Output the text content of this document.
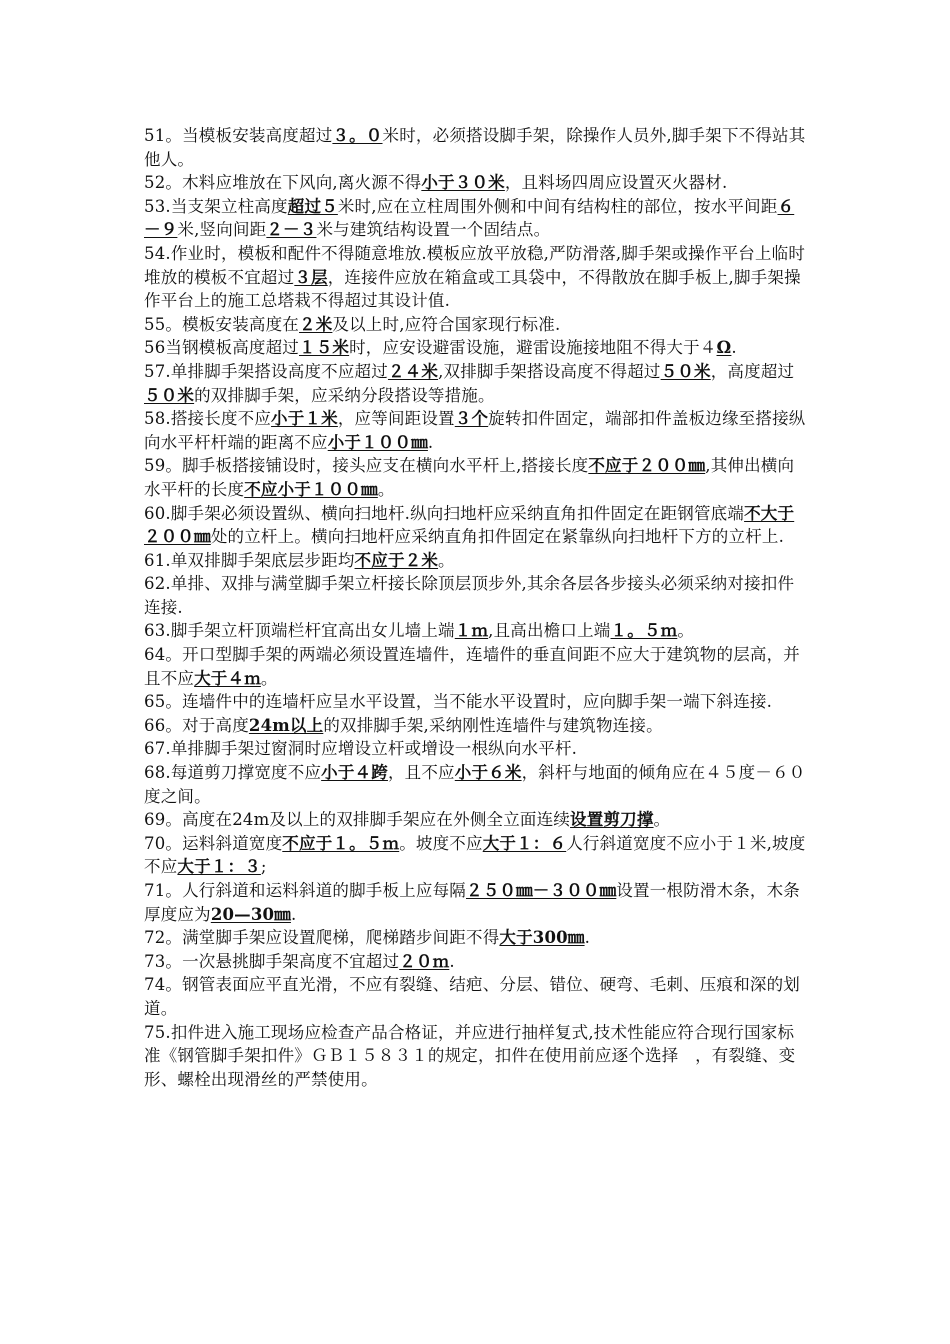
51。当模板安装高度超过３。０米时，必须搭设脚手架，除操作人员外,脚手架下不得站其他人。

52。木料应堆放在下风向,离火源不得小于３０米，且料场四周应设置灭火器材.

53.当支架立柱高度超过５米时,应在立柱周围外侧和中间有结构柱的部位，按水平间距６－９米,竖向间距２－３米与建筑结构设置一个固结点。

54.作业时，模板和配件不得随意堆放.模板应放平放稳,严防滑落,脚手架或操作平台上临时堆放的模板不宜超过３层，连接件应放在箱盒或工具袋中，不得散放在脚手板上,脚手架操作平台上的施工总塔栽不得超过其设计值.

55。模板安装高度在２米及以上时,应符合国家现行标准.

56当钢模板高度超过１５米时，应安设避雷设施，避雷设施接地阻不得大于４Ω.

57.单排脚手架搭设高度不应超过２４米,双排脚手架搭设高度不得超过５０米，高度超过５０米的双排脚手架，应采纳分段搭设等措施。

58.搭接长度不应小于１米，应等间距设置３个旋转扣件固定，端部扣件盖板边缘至搭接纵向水平杆杆端的距离不应小于１００㎜.

59。脚手板搭接铺设时，接头应支在横向水平杆上,搭接长度不应于２００㎜,其伸出横向水平杆的长度不应小于１００㎜。

60.脚手架必须设置纵、横向扫地杆.纵向扫地杆应采纳直角扣件固定在距钢管底端不大于２００㎜处的立杆上。横向扫地杆应采纳直角扣件固定在紧靠纵向扫地杆下方的立杆上.

61.单双排脚手架底层步距均不应于２米。

62.单排、双排与满堂脚手架立杆接长除顶层顶步外,其余各层各步接头必须采纳对接扣件连接.

63.脚手架立杆顶端栏杆宜高出女儿墙上端１ｍ,且高出檐口上端１。５ｍ。

64。开口型脚手架的两端必须设置连墙件，连墙件的垂直间距不应大于建筑物的层高，并且不应大于４ｍ。

65。连墙件中的连墙杆应呈水平设置，当不能水平设置时，应向脚手架一端下斜连接.

66。对于高度24m以上的双排脚手架,采纳刚性连墙件与建筑物连接。

67.单排脚手架过窗洞时应增设立杆或增设一根纵向水平杆.

68.每道剪刀撑宽度不应小于４跨，且不应小于６米，斜杆与地面的倾角应在４５度－６０度之间。

69。高度在24m及以上的双排脚手架应在外侧全立面连续设置剪刀撑。

70。运料斜道宽度不应于１。５ｍ。坡度不应大于１：６人行斜道宽度不应小于１米,坡度不应大于１：３;

71。人行斜道和运料斜道的脚手板上应每隔２５０㎜－３００㎜设置一根防滑木条，木条厚度应为20—30㎜.

72。满堂脚手架应设置爬梯，爬梯踏步间距不得大于300㎜.

73。一次悬挑脚手架高度不宜超过２０ｍ.

74。钢管表面应平直光滑，不应有裂缝、结疤、分层、错位、硬弯、毛刺、压痕和深的划道。

75.扣件进入施工现场应检查产品合格证，并应进行抽样复式,技术性能应符合现行国家标准《钢管脚手架扣件》ＧＢ１５８３１的规定，扣件在使用前应逐个选择　，有裂缝、变形、螺栓出现滑丝的严禁使用。
